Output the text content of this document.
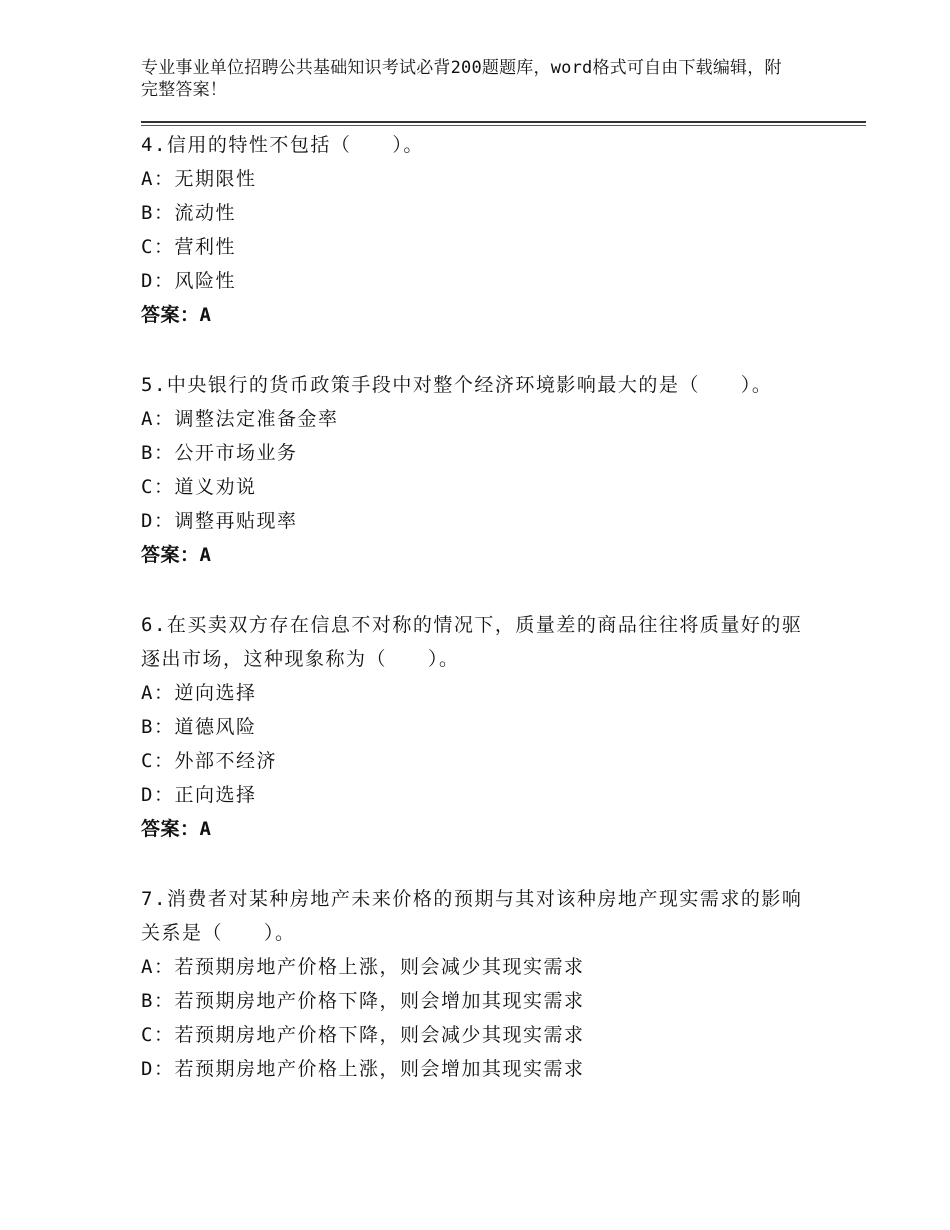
专业事业单位招聘公共基础知识考试必背200题题库，word格式可自由下载编辑，附完整答案！
4.信用的特性不包括（　　）。
A：无期限性
B：流动性
C：营利性
D：风险性
答案：A
5.中央银行的货币政策手段中对整个经济环境影响最大的是（　　）。
A：调整法定准备金率
B：公开市场业务
C：道义劝说
D：调整再贴现率
答案：A
6.在买卖双方存在信息不对称的情况下，质量差的商品往往将质量好的驱逐出市场，这种现象称为（　　）。
A：逆向选择
B：道德风险
C：外部不经济
D：正向选择
答案：A
7.消费者对某种房地产未来价格的预期与其对该种房地产现实需求的影响关系是（　　）。
A：若预期房地产价格上涨，则会减少其现实需求
B：若预期房地产价格下降，则会增加其现实需求
C：若预期房地产价格下降，则会减少其现实需求
D：若预期房地产价格上涨，则会增加其现实需求
